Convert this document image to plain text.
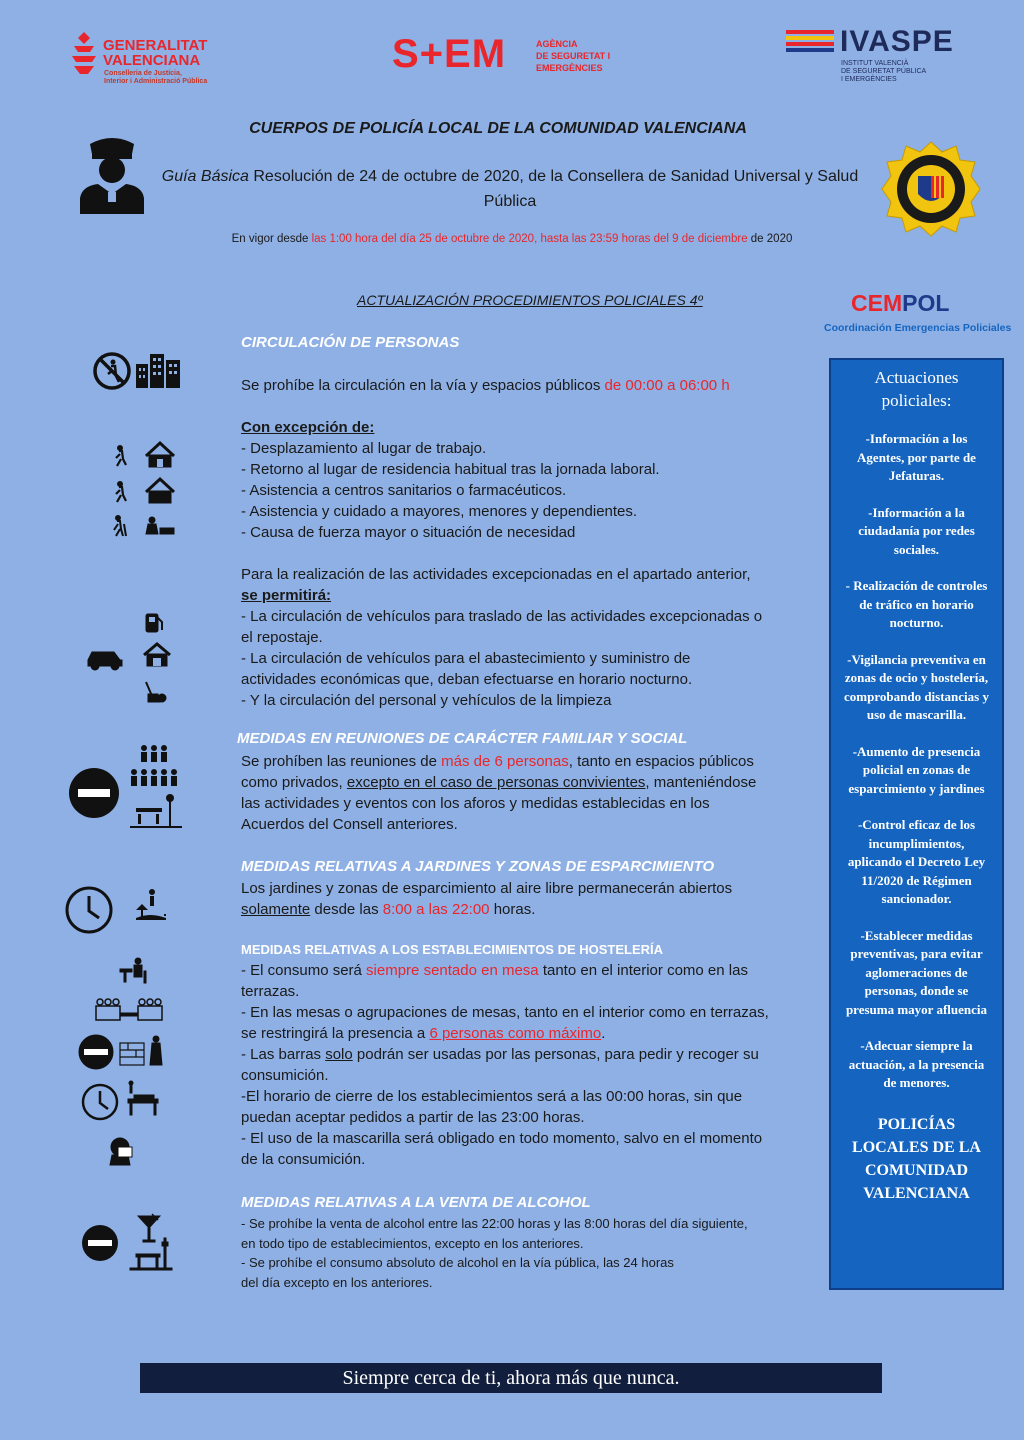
GENERALITAT
VALENCIANA
Conselleria de Justícia,
Interior i Administració Pública
S+EM	AGÈNCIA
DE SEGURETAT I
EMERGÈNCIES
IVASPE
INSTITUT VALENCIÀ
DE SEGURETAT PÚBLICA
I EMERGÈNCIES
CUERPOS DE POLICÍA LOCAL DE LA COMUNIDAD VALENCIANA
Guía Básica Resolución de 24 de octubre de 2020, de la Consellera de Sanidad Universal y Salud
Pública
En vigor desde las 1:00 hora del día 25 de octubre de 2020, hasta las 23:59 horas del 9 de diciembre de 2020
ACTUALIZACIÓN PROCEDIMIENTOS POLICIALES 4º	CEMPOL
Coordinación Emergencias Policiales
CIRCULACIÓN DE PERSONAS
Se prohíbe la circulación en la vía y espacios públicos de 00:00 a 06:00 h
Con excepción de:
- Desplazamiento al lugar de trabajo.
- Retorno al lugar de residencia habitual tras la jornada laboral.
- Asistencia a centros sanitarios o farmacéuticos.
- Asistencia y cuidado a mayores, menores y dependientes.
- Causa de fuerza mayor o situación de necesidad
Para la realización de las actividades excepcionadas en el apartado anterior,
se permitirá:
- La circulación de vehículos para traslado de las actividades excepcionadas o
el repostaje.
- La circulación de vehículos para el abastecimiento y suministro de
actividades económicas que, deban efectuarse en horario nocturno.
- Y la circulación del personal y vehículos de la limpieza
MEDIDAS EN REUNIONES DE CARÁCTER FAMILIAR Y SOCIAL
Se prohíben las reuniones de más de 6 personas, tanto en espacios públicos
como privados, excepto en el caso de personas convivientes, manteniéndose
las actividades y eventos con los aforos y medidas establecidas en los
Acuerdos del Consell anteriores.
MEDIDAS RELATIVAS A JARDINES Y ZONAS DE ESPARCIMIENTO
Los jardines y zonas de esparcimiento al aire libre permanecerán abiertos
solamente desde las 8:00 a las 22:00 horas.
MEDIDAS RELATIVAS A LOS ESTABLECIMIENTOS DE HOSTELERÍA
- El consumo será siempre sentado en mesa tanto en el interior como en las
terrazas.
- En las mesas o agrupaciones de mesas, tanto en el interior como en terrazas,
se restringirá la presencia a 6 personas como máximo.
- Las barras solo podrán ser usadas por las personas, para pedir y recoger su
consumición.
-El horario de cierre de los establecimientos será a las 00:00 horas, sin que
puedan aceptar pedidos a partir de las 23:00 horas.
- El uso de la mascarilla será obligado en todo momento, salvo en el momento
de la consumición.
MEDIDAS RELATIVAS A LA VENTA DE ALCOHOL
- Se prohíbe la venta de alcohol entre las 22:00 horas y las 8:00 horas del día siguiente,
en todo tipo de establecimientos, excepto en los anteriores.
- Se prohíbe el consumo absoluto de alcohol en la vía pública, las 24 horas
del día excepto en los anteriores.
Actuaciones policiales:
-Información a los Agentes, por parte de Jefaturas.
-Información a la ciudadanía por redes sociales.
- Realización de controles de tráfico en horario nocturno.
-Vigilancia preventiva en zonas de ocio y hostelería, comprobando distancias y uso de mascarilla.
-Aumento de presencia policial en zonas de esparcimiento y jardines
-Control eficaz de los incumplimientos, aplicando el Decreto Ley 11/2020 de Régimen sancionador.
-Establecer medidas preventivas, para evitar aglomeraciones de personas, donde se presuma mayor afluencia
-Adecuar siempre la actuación, a la presencia de menores.
POLICÍAS LOCALES DE LA COMUNIDAD VALENCIANA
Siempre cerca de ti, ahora más que nunca.
